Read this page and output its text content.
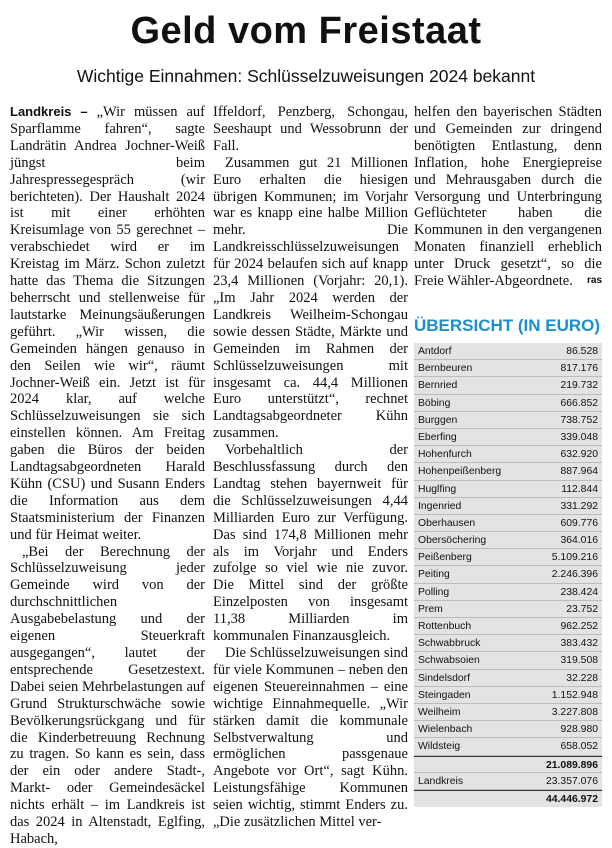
Geld vom Freistaat
Wichtige Einnahmen: Schlüsselzuweisungen 2024 bekannt

Landkreis – „Wir müssen auf Sparflamme fahren“, sagte Landrätin Andrea Jochner-Weiß jüngst beim Jahrespressegespräch (wir berichteten). Der Haushalt 2024 ist mit einer erhöhten Kreisumlage von 55 gerechnet – verabschiedet wird er im Kreistag im März. Schon zuletzt hatte das Thema die Sitzungen beherrscht und stellenweise für lautstarke Meinungsäußerungen geführt. „Wir wissen, die Gemeinden hängen genauso in den Seilen wie wir“, räumt Jochner-Weiß ein. Jetzt ist für 2024 klar, auf welche Schlüsselzuweisungen sie sich einstellen können. Am Freitag gaben die Büros der beiden Landtagsabgeordneten Harald Kühn (CSU) und Susann Enders die Information aus dem Staatsministerium der Finanzen und für Heimat weiter.

„Bei der Berechnung der Schlüsselzuweisung jeder Gemeinde wird von der durchschnittlichen Ausgabebelastung und der eigenen Steuerkraft ausgegangen“, lautet der entsprechende Gesetzestext. Dabei seien Mehrbelastungen auf Grund Strukturschwäche sowie Bevölkerungsrückgang und für die Kinderbetreuung Rechnung zu tragen. So kann es sein, dass der ein oder andere Stadt-, Markt- oder Gemeindesäckel nichts erhält – im Landkreis ist das 2024 in Altenstadt, Eglfing, Habach,

Iffeldorf, Penzberg, Schongau, Seeshaupt und Wessobrunn der Fall.

Zusammen gut 21 Millionen Euro erhalten die hiesigen übrigen Kommunen; im Vorjahr war es knapp eine halbe Million mehr. Die Landkreisschlüsselzuweisungen für 2024 belaufen sich auf knapp 23,4 Millionen (Vorjahr: 20,1). „Im Jahr 2024 werden der Landkreis Weilheim-Schongau sowie dessen Städte, Märkte und Gemeinden im Rahmen der Schlüsselzuweisungen mit insgesamt ca. 44,4 Millionen Euro unterstützt“, rechnet Landtagsabgeordneter Kühn zusammen.

Vorbehaltlich der Beschlussfassung durch den Landtag stehen bayernweit für die Schlüsselzuweisungen 4,44 Milliarden Euro zur Verfügung. Das sind 174,8 Millionen mehr als im Vorjahr und Enders zufolge so viel wie nie zuvor. Die Mittel sind der größte Einzelposten von insgesamt 11,38 Milliarden im kommunalen Finanzausgleich.

Die Schlüsselzuweisungen sind für viele Kommunen – neben den eigenen Steuereinnahmen – eine wichtige Einnahmequelle. „Wir stärken damit die kommunale Selbstverwaltung und ermöglichen passgenaue Angebote vor Ort“, sagt Kühn. Leistungsfähige Kommunen seien wichtig, stimmt Enders zu. „Die zusätzlichen Mittel ver-

helfen den bayerischen Städten und Gemeinden zur dringend benötigten Entlastung, denn Inflation, hohe Energiepreise und Mehrausgaben durch die Versorgung und Unterbringung Geflüchteter haben die Kommunen in den vergangenen Monaten finanziell erheblich unter Druck gesetzt“, so die Freie Wähler-Abgeordnete. ras

ÜBERSICHT (IN EURO)
Antdorf	86.528
Bernbeuren	817.176
Bernried	219.732
Böbing	666.852
Burggen	738.752
Eberfing	339.048
Hohenfurch	632.920
Hohenpeißenberg	887.964
Huglfing	112.844
Ingenried	331.292
Oberhausen	609.776
Obersöchering	364.016
Peißenberg	5.109.216
Peiting	2.246.396
Polling	238.424
Prem	23.752
Rottenbuch	962.252
Schwabbruck	383.432
Schwabsoien	319.508
Sindelsdorf	32.228
Steingaden	1.152.948
Weilheim	3.227.808
Wielenbach	928.980
Wildsteig	658.052
21.089.896
Landkreis	23.357.076
44.446.972
